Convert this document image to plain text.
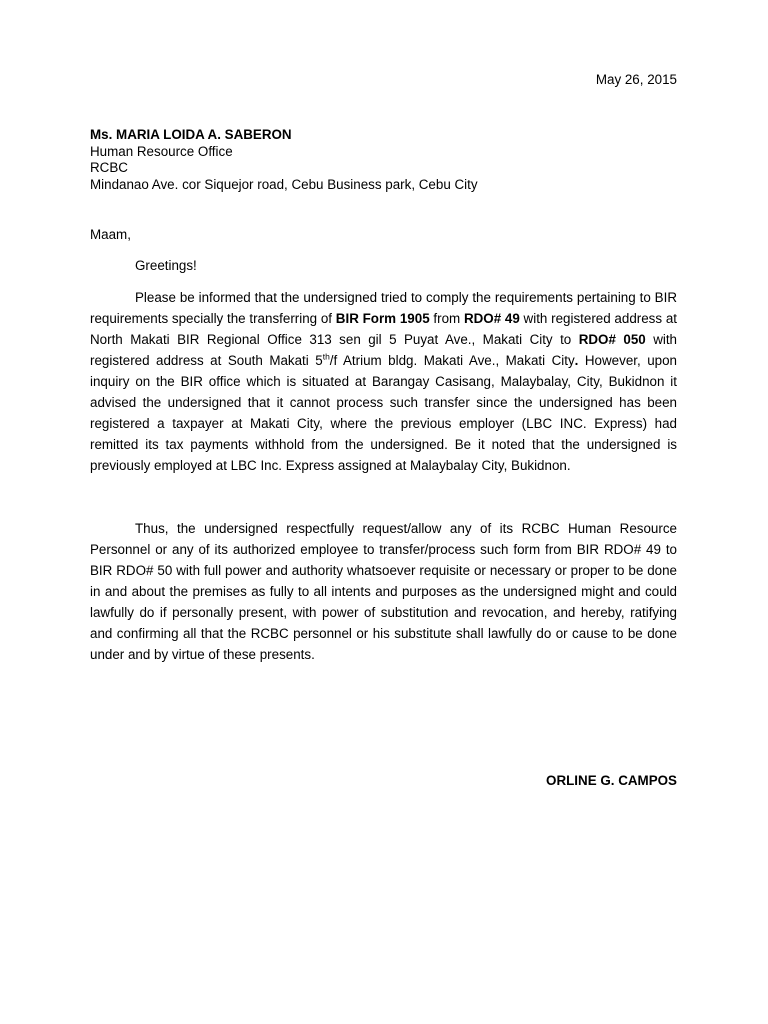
May 26, 2015
Ms. MARIA LOIDA A. SABERON
Human Resource Office
RCBC
Mindanao Ave. cor Siquejor road, Cebu Business park, Cebu City
Maam,
Greetings!
Please be informed that the undersigned tried to comply the requirements pertaining to BIR requirements specially the transferring of BIR Form 1905 from RDO# 49 with registered address at North Makati BIR Regional Office 313 sen gil 5 Puyat Ave., Makati City to RDO# 050 with registered address at South Makati 5th/f Atrium bldg. Makati Ave., Makati City. However, upon inquiry on the BIR office which is situated at Barangay Casisang, Malaybalay, City, Bukidnon it advised the undersigned that it cannot process such transfer since the undersigned has been registered a taxpayer at Makati City, where the previous employer (LBC INC. Express) had remitted its tax payments withhold from the undersigned. Be it noted that the undersigned is previously employed at LBC Inc. Express assigned at Malaybalay City, Bukidnon.
Thus, the undersigned respectfully request/allow any of its RCBC Human Resource Personnel or any of its authorized employee to transfer/process such form from BIR RDO# 49 to BIR RDO# 50 with full power and authority whatsoever requisite or necessary or proper to be done in and about the premises as fully to all intents and purposes as the undersigned might and could lawfully do if personally present, with power of substitution and revocation, and hereby, ratifying and confirming all that the RCBC personnel or his substitute shall lawfully do or cause to be done under and by virtue of these presents.
ORLINE G. CAMPOS
